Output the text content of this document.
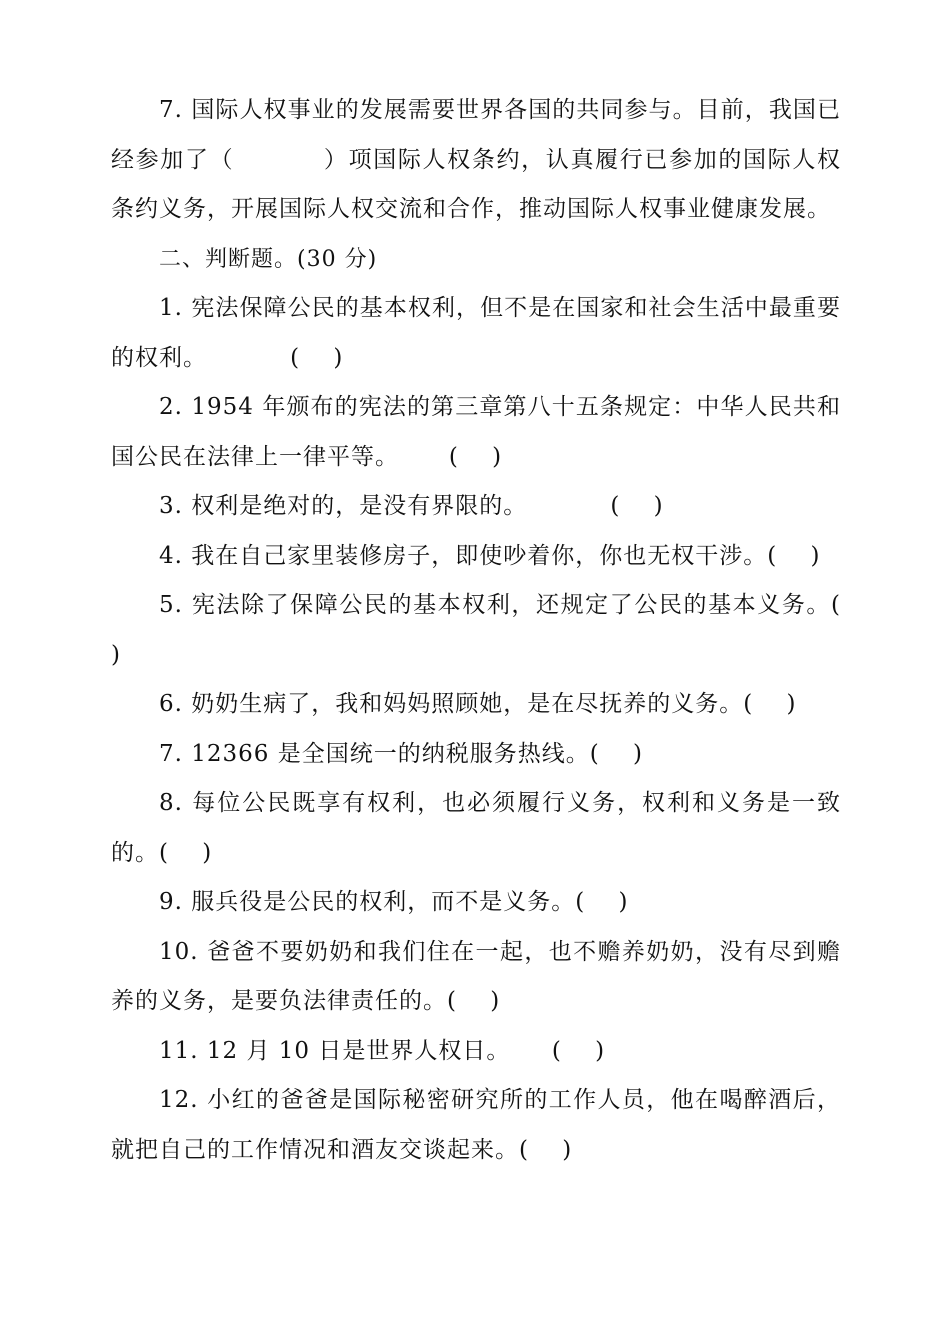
7. 国际人权事业的发展需要世界各国的共同参与。目前，我国已经参加了（          ）项国际人权条约，认真履行已参加的国际人权条约义务，开展国际人权交流和合作，推动国际人权事业健康发展。

二、判断题。(30 分)

1. 宪法保障公民的基本权利，但不是在国家和社会生活中最重要的权利。          (    )

2. 1954 年颁布的宪法的第三章第八十五条规定：中华人民共和国公民在法律上一律平等。      (    )

3. 权利是绝对的，是没有界限的。          (    )

4. 我在自己家里装修房子，即使吵着你，你也无权干涉。(    )

5. 宪法除了保障公民的基本权利，还规定了公民的基本义务。(    )

6. 奶奶生病了，我和妈妈照顾她，是在尽抚养的义务。(    )

7. 12366 是全国统一的纳税服务热线。(    )

8. 每位公民既享有权利，也必须履行义务，权利和义务是一致的。(    )

9. 服兵役是公民的权利，而不是义务。(    )

10. 爸爸不要奶奶和我们住在一起，也不赡养奶奶，没有尽到赡养的义务，是要负法律责任的。(    )

11. 12 月 10 日是世界人权日。     (    )

12. 小红的爸爸是国际秘密研究所的工作人员，他在喝醉酒后，就把自己的工作情况和酒友交谈起来。(    )
